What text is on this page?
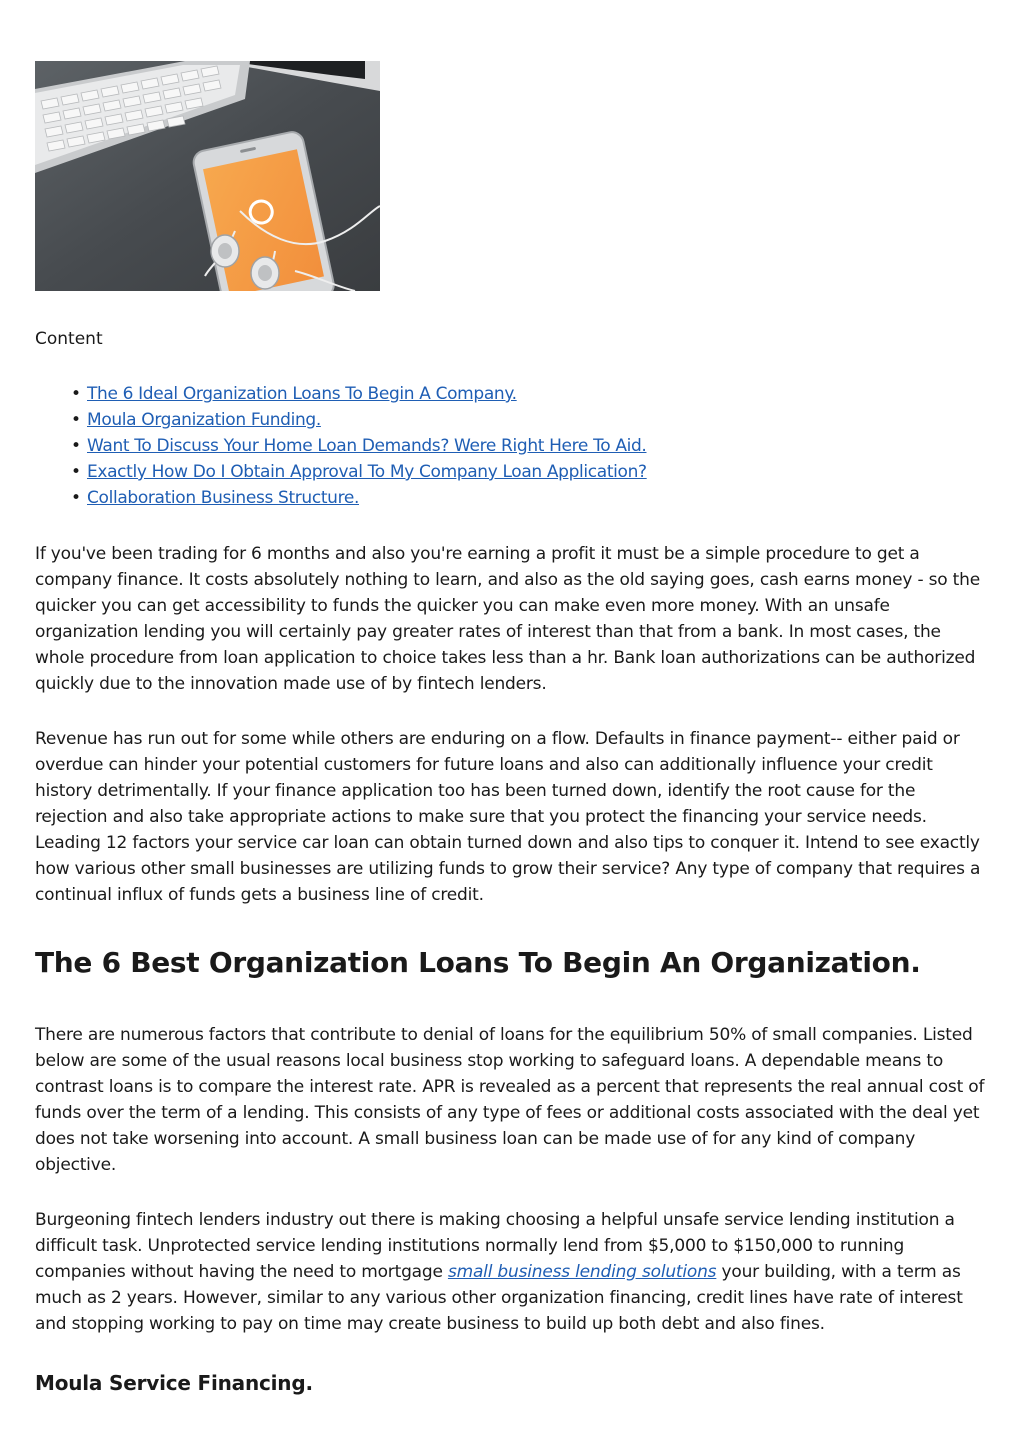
Content
• The 6 Ideal Organization Loans To Begin A Company.
• Moula Organization Funding.
• Want To Discuss Your Home Loan Demands? Were Right Here To Aid.
• Exactly How Do I Obtain Approval To My Company Loan Application?
• Collaboration Business Structure.

If you've been trading for 6 months and also you're earning a profit it must be a simple procedure to get a company finance. It costs absolutely nothing to learn, and also as the old saying goes, cash earns money - so the quicker you can get accessibility to funds the quicker you can make even more money. With an unsafe organization lending you will certainly pay greater rates of interest than that from a bank. In most cases, the whole procedure from loan application to choice takes less than a hr. Bank loan authorizations can be authorized quickly due to the innovation made use of by fintech lenders.

Revenue has run out for some while others are enduring on a flow. Defaults in finance payment-- either paid or overdue can hinder your potential customers for future loans and also can additionally influence your credit history detrimentally. If your finance application too has been turned down, identify the root cause for the rejection and also take appropriate actions to make sure that you protect the financing your service needs. Leading 12 factors your service car loan can obtain turned down and also tips to conquer it. Intend to see exactly how various other small businesses are utilizing funds to grow their service? Any type of company that requires a continual influx of funds gets a business line of credit.

The 6 Best Organization Loans To Begin An Organization.

There are numerous factors that contribute to denial of loans for the equilibrium 50% of small companies. Listed below are some of the usual reasons local business stop working to safeguard loans. A dependable means to contrast loans is to compare the interest rate. APR is revealed as a percent that represents the real annual cost of funds over the term of a lending. This consists of any type of fees or additional costs associated with the deal yet does not take worsening into account. A small business loan can be made use of for any kind of company objective.

Burgeoning fintech lenders industry out there is making choosing a helpful unsafe service lending institution a difficult task. Unprotected service lending institutions normally lend from $5,000 to $150,000 to running companies without having the need to mortgage small business lending solutions your building, with a term as much as 2 years. However, similar to any various other organization financing, credit lines have rate of interest and stopping working to pay on time may create business to build up both debt and also fines.

Moula Service Financing.
